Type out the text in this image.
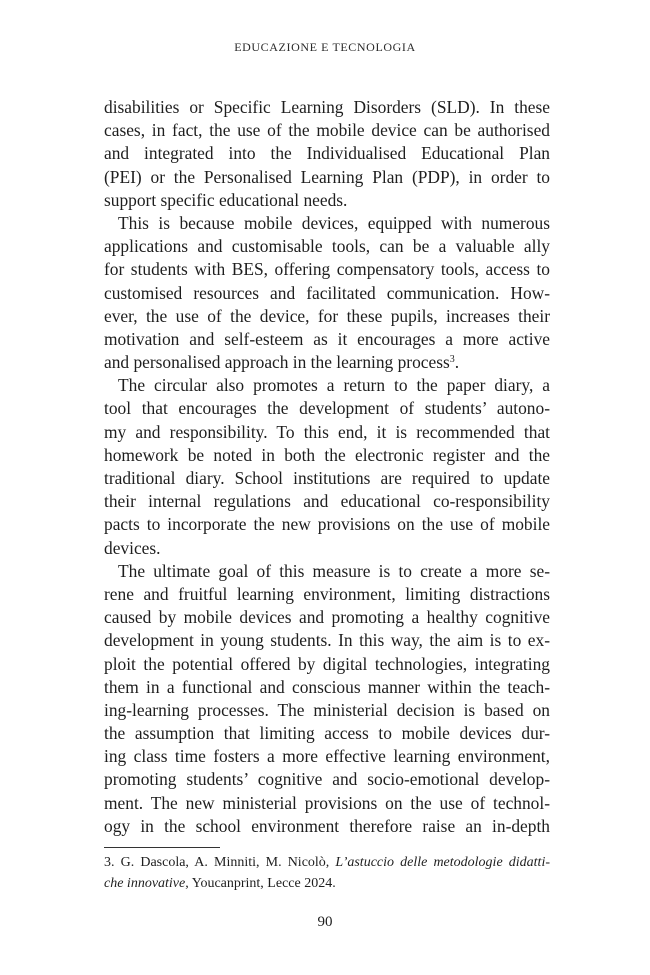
EDUCAZIONE E TECNOLOGIA
disabilities or Specific Learning Disorders (SLD). In these
cases, in fact, the use of the mobile device can be authorised
and integrated into the Individualised Educational Plan
(PEI) or the Personalised Learning Plan (PDP), in order to
support specific educational needs.
This is because mobile devices, equipped with numerous
applications and customisable tools, can be a valuable ally
for students with BES, offering compensatory tools, access to
customised resources and facilitated communication. How-
ever, the use of the device, for these pupils, increases their
motivation and self-esteem as it encourages a more active
and personalised approach in the learning process$^3$.
The circular also promotes a return to the paper diary, a
tool that encourages the development of students’ autono-
my and responsibility. To this end, it is recommended that
homework be noted in both the electronic register and the
traditional diary. School institutions are required to update
their internal regulations and educational co-responsibility
pacts to incorporate the new provisions on the use of mobile
devices.
The ultimate goal of this measure is to create a more se-
rene and fruitful learning environment, limiting distractions
caused by mobile devices and promoting a healthy cognitive
development in young students. In this way, the aim is to ex-
ploit the potential offered by digital technologies, integrating
them in a functional and conscious manner within the teach-
ing-learning processes. The ministerial decision is based on
the assumption that limiting access to mobile devices dur-
ing class time fosters a more effective learning environment,
promoting students’ cognitive and socio-emotional develop-
ment. The new ministerial provisions on the use of technol-
ogy in the school environment therefore raise an in-depth
3. G. Dascola, A. Minniti, M. Nicolò, L’astuccio delle metodologie didatti-
che innovative, Youcanprint, Lecce 2024.
90
